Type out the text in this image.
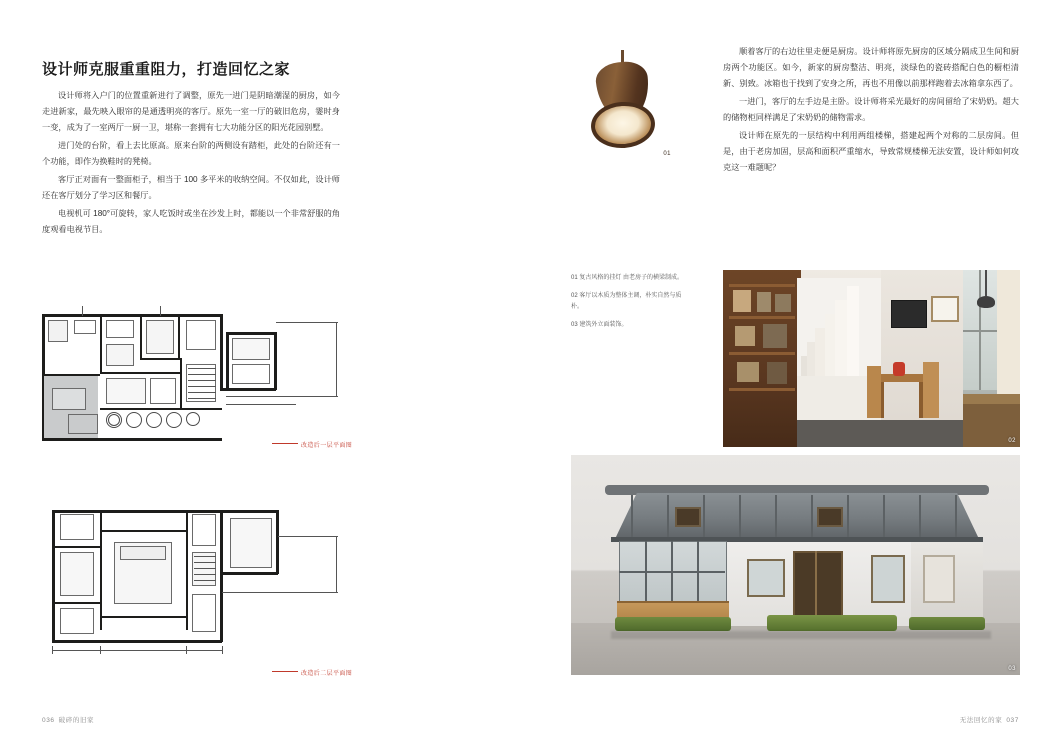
设计师克服重重阻力，打造回忆之家

设计师将入户门的位置重新进行了调整，原先一进门是阴暗潮湿的厨房，如今走进新家，最先映入眼帘的是通透明亮的客厅。原先一室一厅的破旧危房，霎时身一变，成为了一室两厅一厨一卫，堪称一套拥有七大功能分区的阳光花园别墅。

进门处的台阶，看上去比原高。原来台阶的两侧设有踏柜，此处的台阶还有一个功能，即作为换鞋时的凳椅。

客厅正对面有一整面柜子，相当于 100 多平米的收纳空间。不仅如此，设计师还在客厅划分了学习区和餐厅。

电视机可 180°可旋转，家人吃饭时或坐在沙发上时，都能以一个非常舒服的角度观看电视节目。

改造后一层平面图
改造后二层平面图
036 破碎的旧家

顺着客厅的右边往里走便是厨房。设计师将原先厨房的区域分隔成卫生间和厨房两个功能区。如今，新家的厨房整洁、明亮，淡绿色的瓷砖搭配白色的橱柜清新、别致。冰箱也于找到了安身之所，再也不用像以前那样跑着去冰箱拿东西了。

一进门，客厅的左手边是主卧。设计师将采光最好的房间留给了宋奶奶。超大的储物柜同样满足了宋奶奶的储物需求。

设计师在原先的一层结构中利用两组楼梯，搭建起两个对称的二层房间。但是，由于老房加固，层高和面积严重缩水，导致常规楼梯无法安置，设计师如何攻克这一难题呢？

01

01 复古风格的挂灯 由老房子的横梁制成。

02 客厅以木质为整体主调，朴实自然与质朴。

03 建筑外立面装饰。

02
03
无法回忆的家 037
